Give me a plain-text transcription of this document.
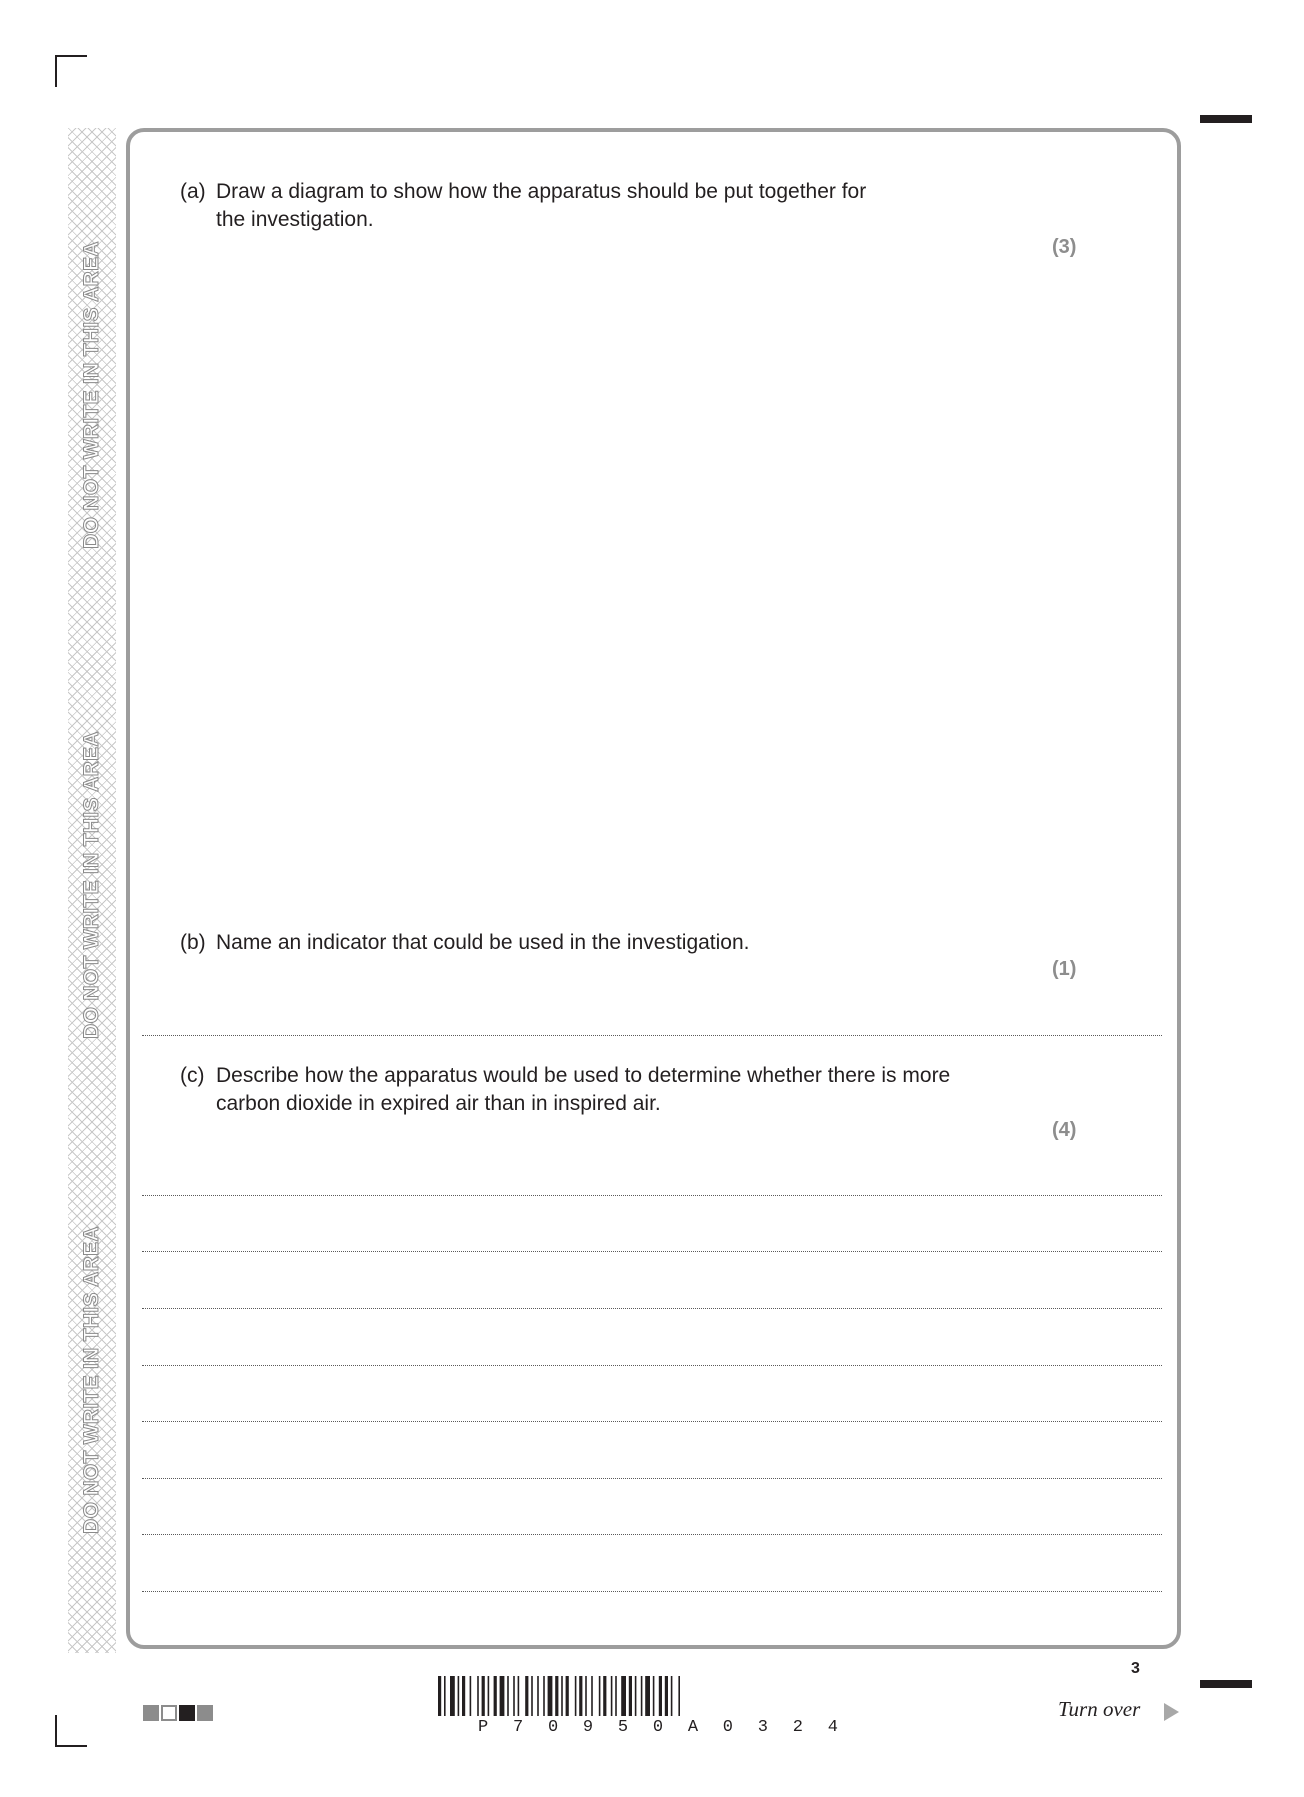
DO NOT WRITE IN THIS AREA
DO NOT WRITE IN THIS AREA
DO NOT WRITE IN THIS AREA
(a) Draw a diagram to show how the apparatus should be put together for
the investigation.
(3)
(b) Name an indicator that could be used in the investigation.
(1)
(c) Describe how the apparatus would be used to determine whether there is more
carbon dioxide in expired air than in inspired air.
(4)
P 7 0 9 5 0 A 0 3 2 4
3
Turn over
